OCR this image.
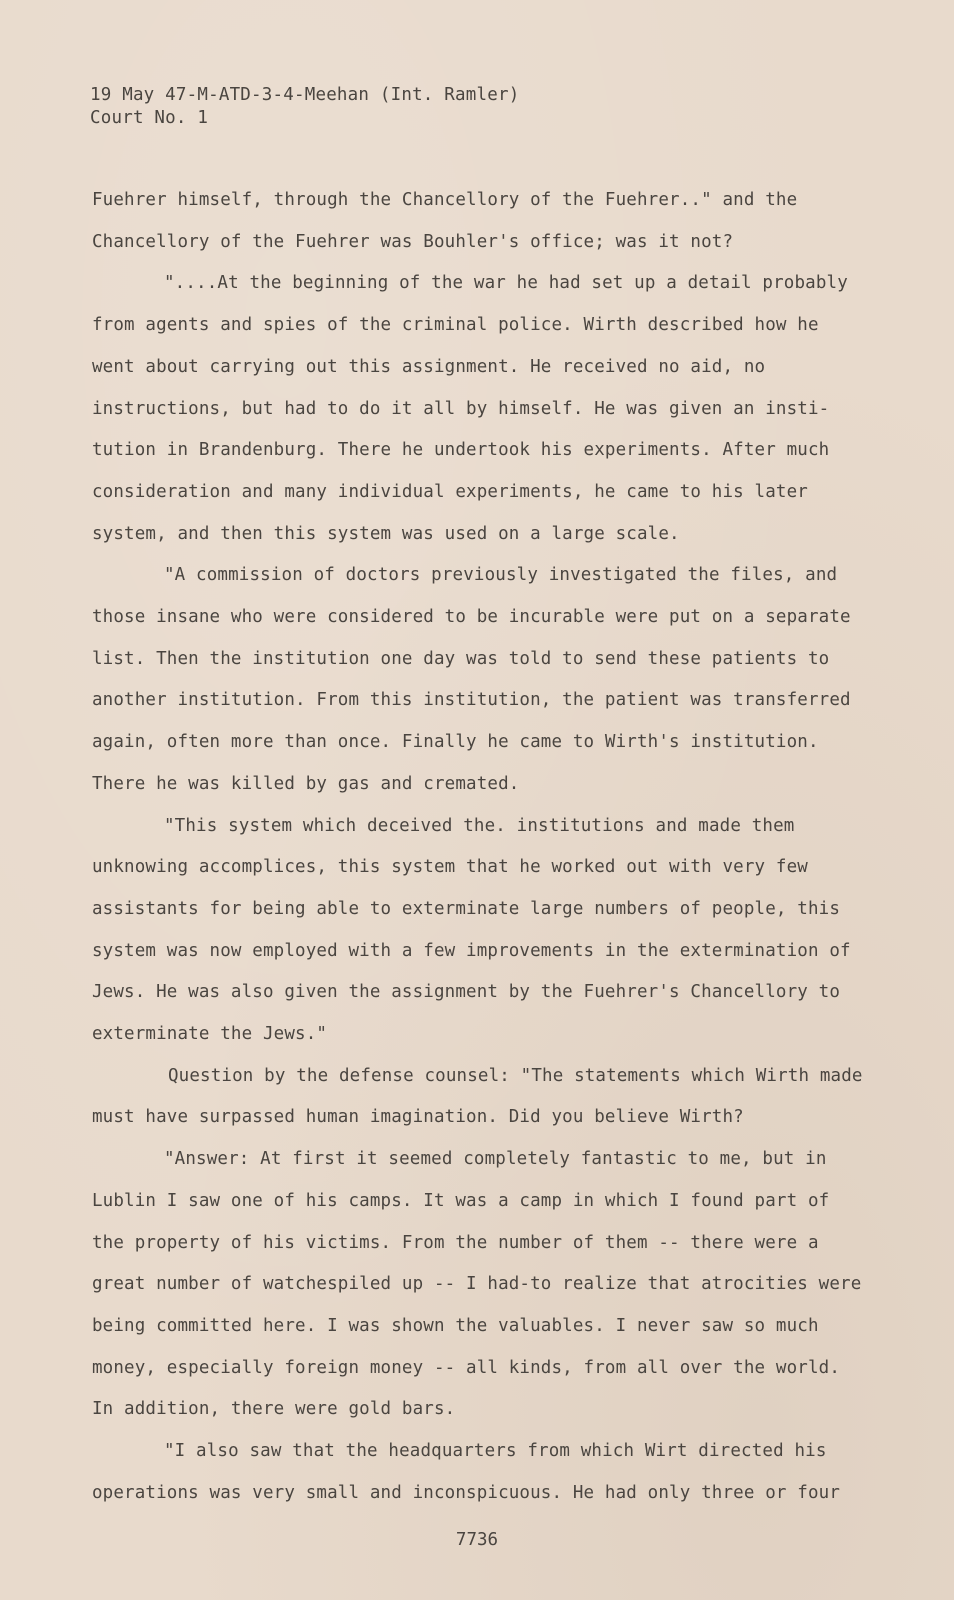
19 May 47-M-ATD-3-4-Meehan (Int. Ramler)
Court No. 1
Fuehrer himself, through the Chancellory of the Fuehrer.." and the
Chancellory of the Fuehrer was Bouhler's office; was it not?
"....At the beginning of the war he had set up a detail probably
from agents and spies of the criminal police. Wirth described how he
went about carrying out this assignment. He received no aid, no
instructions, but had to do it all by himself. He was given an insti-
tution in Brandenburg. There he undertook his experiments. After much
consideration and many individual experiments, he came to his later
system, and then this system was used on a large scale.
"A commission of doctors previously investigated the files, and
those insane who were considered to be incurable were put on a separate
list. Then the institution one day was told to send these patients to
another institution. From this institution, the patient was transferred
again, often more than once. Finally he came to Wirth's institution.
There he was killed by gas and cremated.
"This system which deceived the. institutions and made them
unknowing accomplices, this system that he worked out with very few
assistants for being able to exterminate large numbers of people, this
system was now employed with a few improvements in the extermination of
Jews. He was also given the assignment by the Fuehrer's Chancellory to
exterminate the Jews."
Question by the defense counsel: "The statements which Wirth made
must have surpassed human imagination. Did you believe Wirth?
"Answer: At first it seemed completely fantastic to me, but in
Lublin I saw one of his camps. It was a camp in which I found part of
the property of his victims. From the number of them -- there were a
great number of watchespiled up -- I had-to realize that atrocities were
being committed here. I was shown the valuables. I never saw so much
money, especially foreign money -- all kinds, from all over the world.
In addition, there were gold bars.
"I also saw that the headquarters from which Wirt directed his
operations was very small and inconspicuous. He had only three or four
7736
